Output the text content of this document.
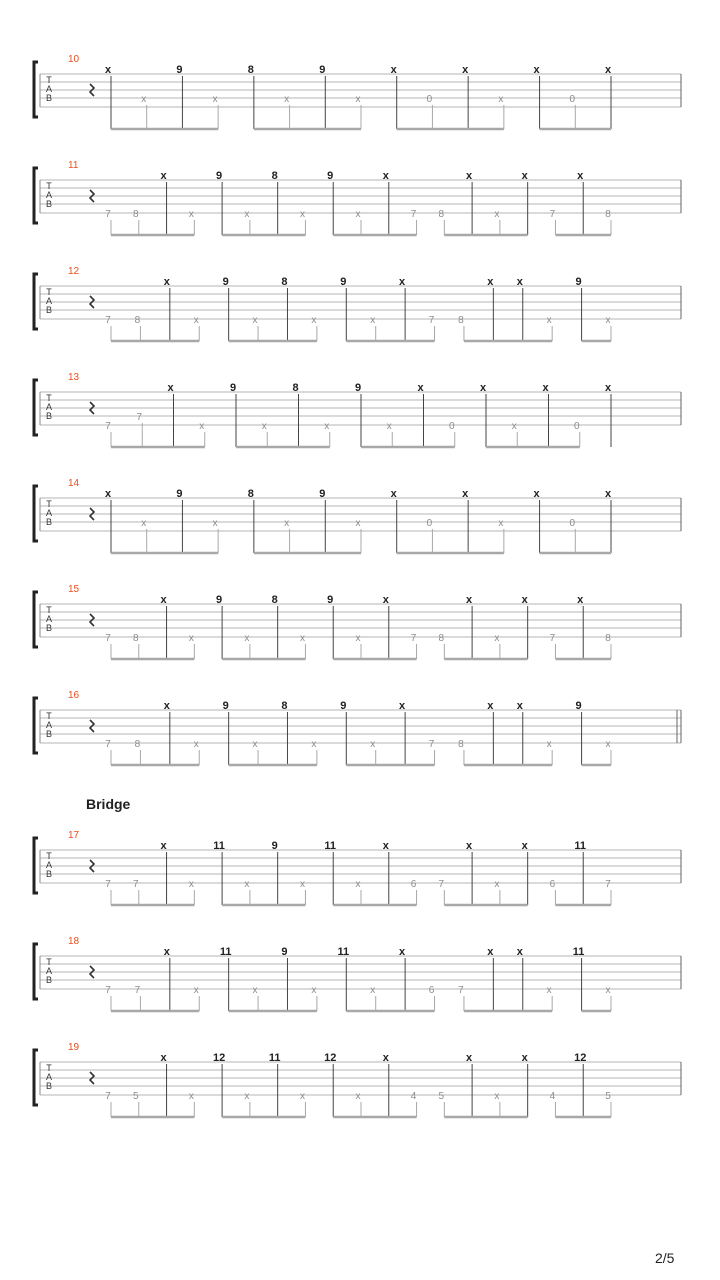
T
A
B
10
x
x
9
x
8
x
9
x
x
0
x
x
x
0
x
T
A
B
11
7 8
x
x
9
x
8
x
9
x
x
7 8
x
x
x
7
x
8
T
A
B
12
7 8
x
x
9
x
8
x
9
x
x
7 8
x x
x
9
x
T
A
B
13
7
7
x
x
9
x
8
x
9
x
x
0
x
x
x
0
x
T
A
B
14
x
x
9
x
8
x
9
x
x
0
x
x
x
0
x
T
A
B
15
7 8
x
x
9
x
8
x
9
x
x
7 8
x
x
x
7
x
8
T
A
B
16
7 8
x
x
9
x
8
x
9
x
x
7 8
x x
x
9
x
T
A
B
17
7 7
x
x
11
x
9
x
11
x
x
6 7
x
x
x
6
11
7
T
A
B
18
7 7
x
x
11
x
9
x
11
x
x
6 7
x x
x
11
x
T
A
B
19
7 5
x
x
12
x
11
x
12
x
x
4 5
x
x
x
4
12
5
Bridge
2/5
